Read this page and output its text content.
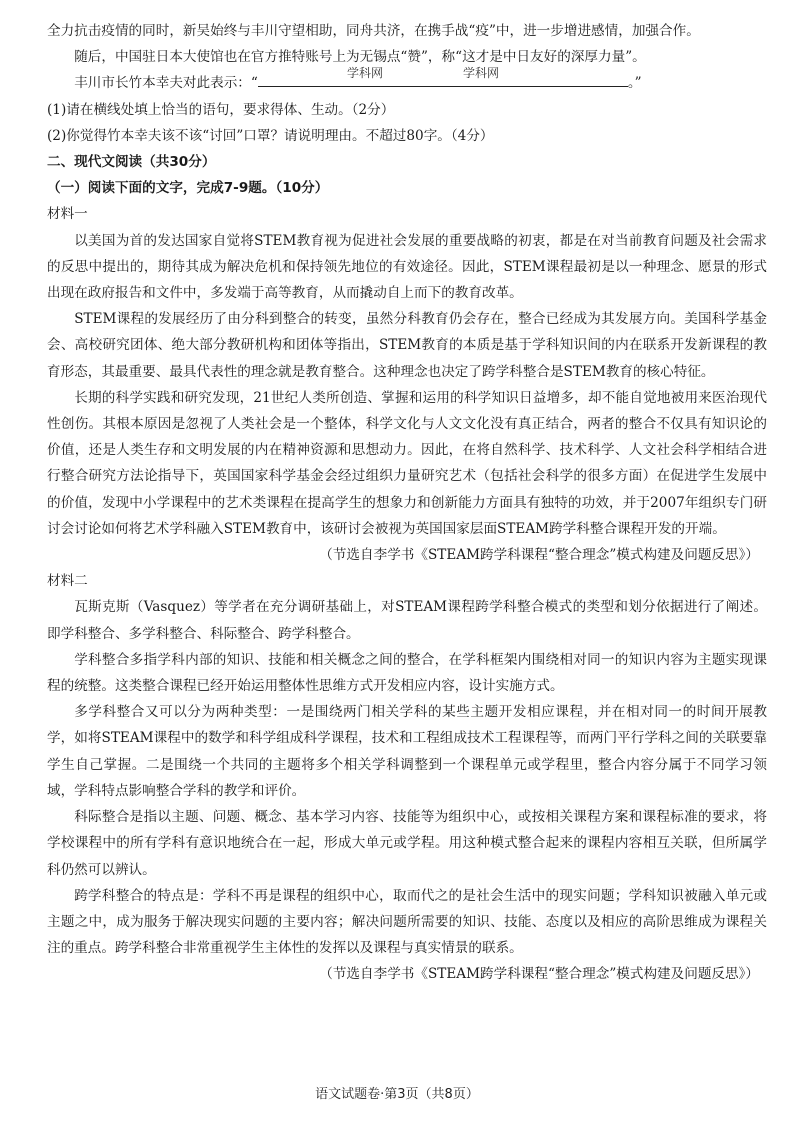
全力抗击疫情的同时，新吴始终与丰川守望相助，同舟共济，在携手战“疫”中，进一步增进感情，加强合作。

随后，中国驻日本大使馆也在官方推特账号上为无锡点“赞”，称“这才是中日友好的深厚力量”。

丰川市长竹本幸夫对此表示：“
学科网	学科网
。”

(1)请在横线处填上恰当的语句，要求得体、生动。（2分）

(2)你觉得竹本幸夫该不该“讨回”口罩？请说明理由。不超过80字。（4分）

二、现代文阅读（共30分）

（一）阅读下面的文字，完成7-9题。（10分）

材料一

以美国为首的发达国家自觉将STEM教育视为促进社会发展的重要战略的初衷，都是在对当前教育问题及社会需求的反思中提出的，期待其成为解决危机和保持领先地位的有效途径。因此，STEM课程最初是以一种理念、愿景的形式出现在政府报告和文件中，多发端于高等教育，从而撬动自上而下的教育改革。

STEM课程的发展经历了由分科到整合的转变，虽然分科教育仍会存在，整合已经成为其发展方向。美国科学基金会、高校研究团体、绝大部分教研机构和团体等指出，STEM教育的本质是基于学科知识间的内在联系开发新课程的教育形态，其最重要、最具代表性的理念就是教育整合。这种理念也决定了跨学科整合是STEM教育的核心特征。

长期的科学实践和研究发现，21世纪人类所创造、掌握和运用的科学知识日益增多，却不能自觉地被用来医治现代性创伤。其根本原因是忽视了人类社会是一个整体，科学文化与人文文化没有真正结合，两者的整合不仅具有知识论的价值，还是人类生存和文明发展的内在精神资源和思想动力。因此，在将自然科学、技术科学、人文社会科学相结合进行整合研究方法论指导下，英国国家科学基金会经过组织力量研究艺术（包括社会科学的很多方面）在促进学生发展中的价值，发现中小学课程中的艺术类课程在提高学生的想象力和创新能力方面具有独特的功效，并于2007年组织专门研讨会讨论如何将艺术学科融入STEM教育中，该研讨会被视为英国国家层面STEAM跨学科整合课程开发的开端。

（节选自李学书《STEAM跨学科课程“整合理念”模式构建及问题反思》）

材料二

瓦斯克斯（Vasquez）等学者在充分调研基础上，对STEAM课程跨学科整合模式的类型和划分依据进行了阐述。即学科整合、多学科整合、科际整合、跨学科整合。

学科整合多指学科内部的知识、技能和相关概念之间的整合，在学科框架内围绕相对同一的知识内容为主题实现课程的统整。这类整合课程已经开始运用整体性思维方式开发相应内容，设计实施方式。

多学科整合又可以分为两种类型：一是围绕两门相关学科的某些主题开发相应课程，并在相对同一的时间开展教学，如将STEAM课程中的数学和科学组成科学课程，技术和工程组成技术工程课程等，而两门平行学科之间的关联要靠学生自己掌握。二是围绕一个共同的主题将多个相关学科调整到一个课程单元或学程里，整合内容分属于不同学习领域，学科特点影响整合学科的教学和评价。

科际整合是指以主题、问题、概念、基本学习内容、技能等为组织中心，或按相关课程方案和课程标准的要求，将学校课程中的所有学科有意识地统合在一起，形成大单元或学程。用这种模式整合起来的课程内容相互关联，但所属学科仍然可以辨认。

跨学科整合的特点是：学科不再是课程的组织中心，取而代之的是社会生活中的现实问题；学科知识被融入单元或主题之中，成为服务于解决现实问题的主要内容；解决问题所需要的知识、技能、态度以及相应的高阶思维成为课程关注的重点。跨学科整合非常重视学生主体性的发挥以及课程与真实情景的联系。

（节选自李学书《STEAM跨学科课程“整合理念”模式构建及问题反思》）

语文试题卷·第3页（共8页）
